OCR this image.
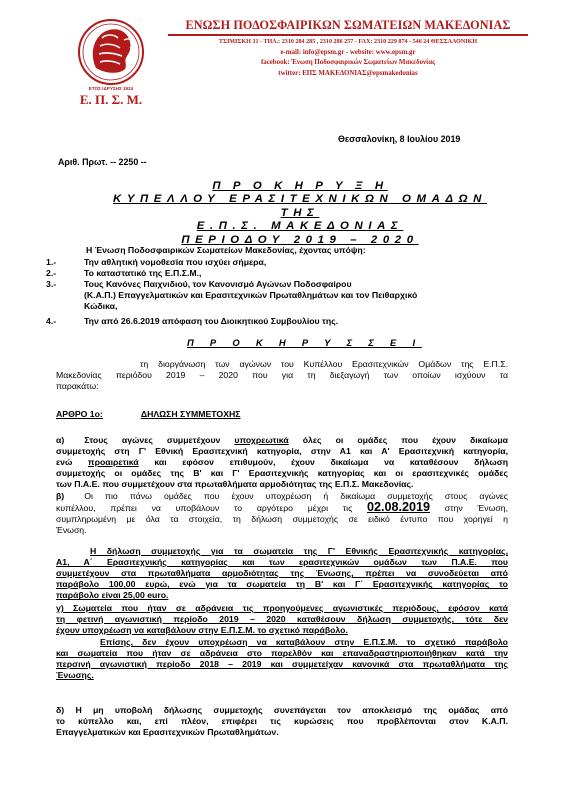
ΕΤΟΣ ΙΔΡΥΣΗΣ 1924
Ε. Π. Σ. Μ.
ΕΝΩΣΗ ΠΟΔΟΣΦΑΙΡΙΚΩΝ ΣΩΜΑΤΕΙΩΝ ΜΑΚΕΔΟΝΙΑΣ
ΤΣΙΜΙΣΚΗ 31 - ΤΗΛ.: 2310 284 285 , 2310 286 257 - FAX: 2310 229 874 - 546 24 ΘΕΣΣΑΛΟΝΙΚΗ
e-mail: info@epsm.gr - website: www.epsm.gr
facebook: Ένωση Ποδοσφαιρικών Σωματείων Μακεδονίας
twitter: ΕΠΣ ΜΑΚΕΔΟΝΙΑΣ@epsmakedonias
Θεσσαλονίκη, 8 Ιουλίου 2019
Αριθ. Πρωτ. -- 2250 --
Π Ρ Ο Κ Η Ρ Υ Ξ Η
ΚΥΠΕΛΛΟΥ ΕΡΑΣΙΤΕΧΝΙΚΩΝ ΟΜΑΔΩΝ ΤΗΣ
Ε.Π.Σ. ΜΑΚΕΔΟΝΙΑΣ
ΠΕΡΙΟΔΟΥ 2019 – 2020
Η Ένωση Ποδοσφαιρικών Σωματείων Μακεδονίας, έχοντας υπόψη:
1.-	Την αθλητική νομοθεσία που ισχύει σήμερα,
2.-	Το καταστατικό της Ε.Π.Σ.Μ.,
3.-	Τους Κανόνες Παιχνιδιού, τον Κανονισμό Αγώνων Ποδοσφαίρου
(Κ.Α.Π.) Επαγγελματικών και Ερασιτεχνικών Πρωταθλημάτων και τον Πειθαρχικό
Κώδικα,
4.-	Την από 26.6.2019 απόφαση του Διοικητικού Συμβουλίου της.
Π Ρ Ο Κ Η Ρ Υ Σ Σ Ε Ι
τη διοργάνωση των αγώνων του Κυπέλλου Ερασιτεχνικών Ομάδων της Ε.Π.Σ.
Μακεδονίας περιόδου 2019 – 2020 που για τη διεξαγωγή των οποίων ισχύουν τα
παρακάτω:
ΑΡΘΡΟ 1ο:	ΔΗΛΩΣΗ ΣΥΜΜΕΤΟΧΗΣ
α) Στους αγώνες συμμετέχουν υποχρεωτικά όλες οι ομάδες που έχουν δικαίωμα
συμμετοχής στη Γ' Εθνική Ερασιτεχνική κατηγορία, στην Α1 και Α' Ερασιτεχνική κατηγορία,
ενώ προαιρετικά και εφόσον επιθυμούν, έχουν δικαίωμα να καταθέσουν δήλωση
συμμετοχής οι ομάδες της Β' και Γ' Ερασιτεχνικής κατηγορίας και οι ερασιτεχνικές ομάδες
των Π.Α.Ε. που συμμετέχουν στα πρωταθλήματα αρμοδιότητας της Ε.Π.Σ. Μακεδονίας.
β) Οι πιο πάνω ομάδες που έχουν υποχρέωση ή δικαίωμα συμμετοχής στους αγώνες
κυπέλλου, πρέπει να υποβάλουν το αργότερο μέχρι τις 02.08.2019 στην Ένωση,
συμπληρωμένη με όλα τα στοιχεία, τη δήλωση συμμετοχής σε ειδικό έντυπο που χορηγεί η
Ένωση.
Η δήλωση συμμετοχής για τα σωματεία της Γ' Εθνικής Ερασιτεχνικής κατηγορίας,
Α1, Α΄ Ερασιτεχνικής κατηγορίας και των ερασιτεχνικών ομάδων των Π.Α.Ε. που
συμμετέχουν στα πρωταθλήματα αρμοδιότητας της Ένωσης, πρέπει να συνοδεύεται από
παράβολο 100,00 ευρώ, ενώ για τα σωματεία τη Β' και Γ΄ Ερασιτεχνικής κατηγορίας το
παράβολο είναι 25,00 euro.
γ) Σωματεία που ήταν σε αδράνεια τις προηγούμενες αγωνιστικές περιόδους, εφόσον κατά
τη φετινή αγωνιστική περίοδο 2019 – 2020 καταθέσουν δήλωση συμμετοχής, τότε δεν
έχουν υποχρέωση να καταβάλουν στην Ε.Π.Σ.Μ. το σχετικό παράβολο.
Επίσης, δεν έχουν υποχρέωση να καταβάλουν στην Ε.Π.Σ.Μ. το σχετικό παράβολο
και σωματεία που ήταν σε αδράνεια στο παρελθόν και επαναδραστηριοποιήθηκαν κατά την
περσινή αγωνιστική περίοδο 2018 – 2019 και συμμετείχαν κανονικά στα πρωταθλήματα της
Ένωσης.
δ) Η μη υποβολή δήλωσης συμμετοχής συνεπάγεται τον αποκλεισμό της ομάδας από
το κύπελλο και, επί πλέον, επιφέρει τις κυρώσεις που προβλέπονται στον Κ.Α.Π.
Επαγγελματικών και Ερασιτεχνικών Πρωταθλημάτων.
